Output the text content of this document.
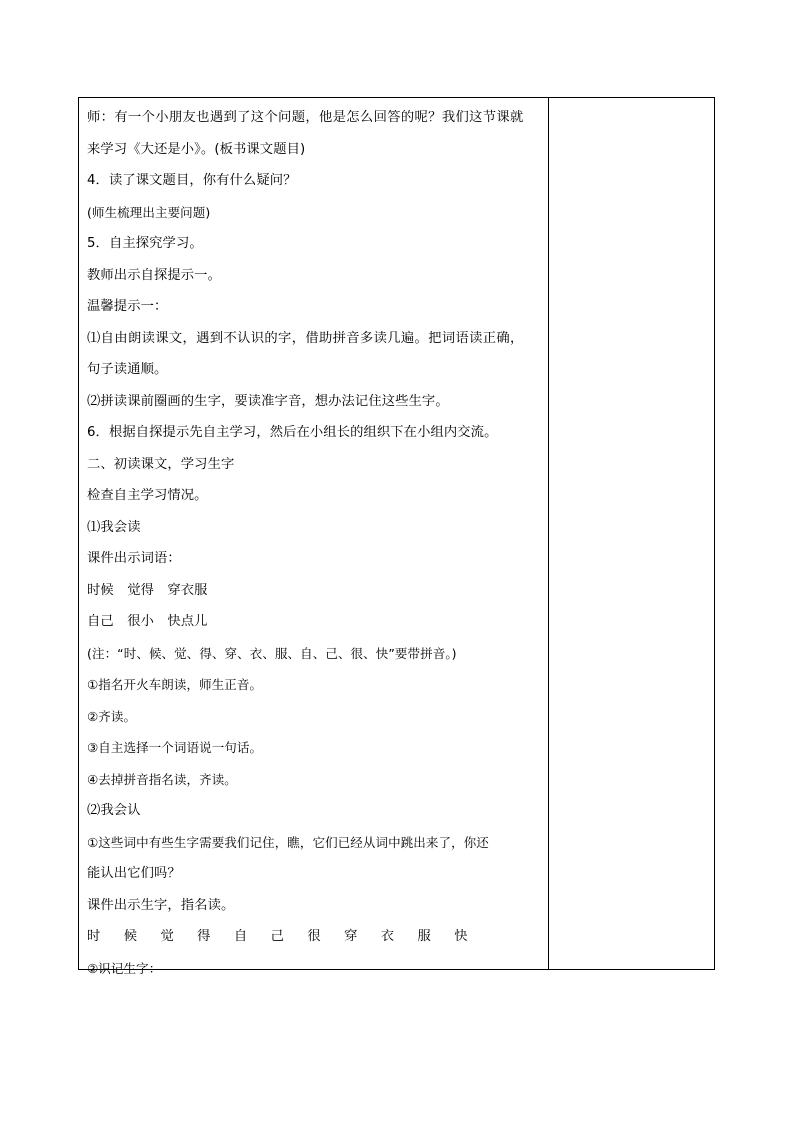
师：有一个小朋友也遇到了这个问题，他是怎么回答的呢？我们这节课就
来学习《大还是小》。(板书课文题目)
4．读了课文题目，你有什么疑问？
(师生梳理出主要问题)
5．自主探究学习。
教师出示自探提示一。
温馨提示一：
⑴自由朗读课文，遇到不认识的字，借助拼音多读几遍。把词语读正确，
句子读通顺。
⑵拼读课前圈画的生字，要读准字音，想办法记住这些生字。
6．根据自探提示先自主学习，然后在小组长的组织下在小组内交流。
二、初读课文，学习生字
检查自主学习情况。
⑴我会读
课件出示词语：
时候　觉得　穿衣服
自己　很小　快点儿
(注：“时、候、觉、得、穿、衣、服、自、己、很、快”要带拼音。)
①指名开火车朗读，师生正音。
②齐读。
③自主选择一个词语说一句话。
④去掉拼音指名读，齐读。
⑵我会认
①这些词中有些生字需要我们记住，瞧，它们已经从词中跳出来了，你还
能认出它们吗？
课件出示生字，指名读。
时 候 觉 得 自 己 很 穿 衣 服 快
②识记生字：
